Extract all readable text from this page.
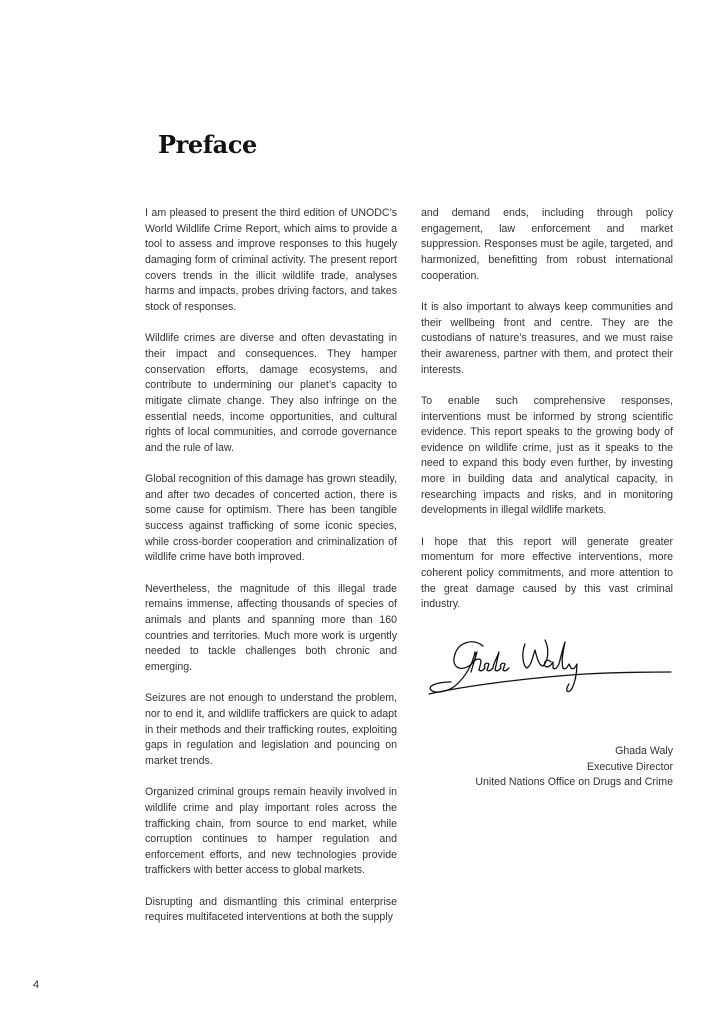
Preface

I am pleased to present the third edition of UNODC’s World Wildlife Crime Report, which aims to provide a tool to assess and improve responses to this hugely damaging form of criminal activity. The present report covers trends in the illicit wildlife trade, analyses harms and impacts, probes driving factors, and takes stock of responses.

Wildlife crimes are diverse and often devastating in their impact and consequences. They hamper conservation efforts, damage ecosystems, and contribute to undermining our planet’s capacity to mitigate climate change. They also infringe on the essential needs, income opportunities, and cultural rights of local communities, and corrode governance and the rule of law.

Global recognition of this damage has grown steadily, and after two decades of concerted action, there is some cause for optimism. There has been tangible success against trafficking of some iconic species, while cross-border cooperation and criminalization of wildlife crime have both improved.

Nevertheless, the magnitude of this illegal trade remains immense, affecting thousands of species of animals and plants and spanning more than 160 countries and territories. Much more work is urgently needed to tackle challenges both chronic and emerging.

Seizures are not enough to understand the problem, nor to end it, and wildlife traffickers are quick to adapt in their methods and their trafficking routes, exploiting gaps in regulation and legislation and pouncing on market trends.

Organized criminal groups remain heavily involved in wildlife crime and play important roles across the trafficking chain, from source to end market, while corruption continues to hamper regulation and enforcement efforts, and new technologies provide traffickers with better access to global markets.

Disrupting and dismantling this criminal enterprise requires multifaceted interventions at both the supply

and demand ends, including through policy engagement, law enforcement and market suppression. Responses must be agile, targeted, and harmonized, benefitting from robust international cooperation.

It is also important to always keep communities and their wellbeing front and centre. They are the custodians of nature’s treasures, and we must raise their awareness, partner with them, and protect their interests.

To enable such comprehensive responses, interventions must be informed by strong scientific evidence. This report speaks to the growing body of evidence on wildlife crime, just as it speaks to the need to expand this body even further, by investing more in building data and analytical capacity, in researching impacts and risks, and in monitoring developments in illegal wildlife markets.

I hope that this report will generate greater momentum for more effective interventions, more coherent policy commitments, and more attention to the great damage caused by this vast criminal industry.

Ghada Waly
Executive Director
United Nations Office on Drugs and Crime
4
